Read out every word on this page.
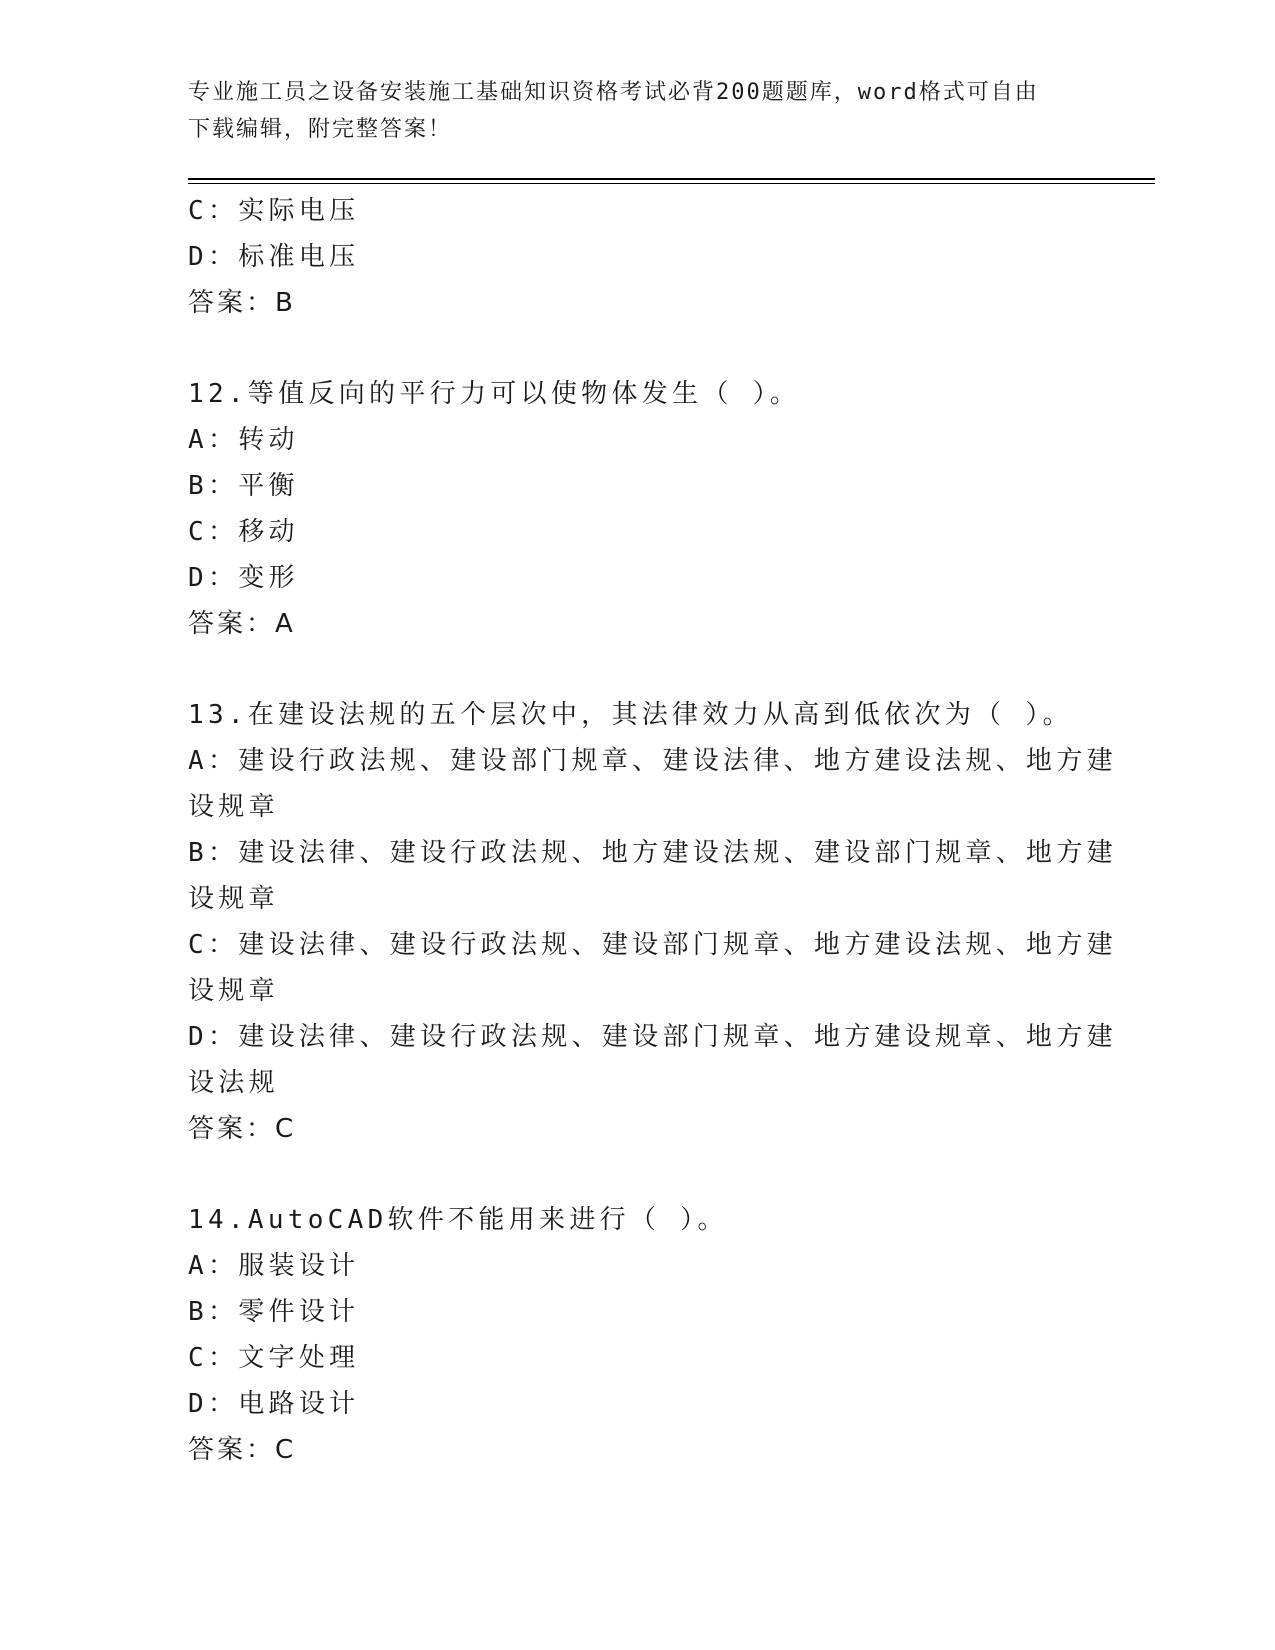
专业施工员之设备安装施工基础知识资格考试必背200题题库，word格式可自由
下载编辑，附完整答案！
C：实际电压
D：标准电压
答案：B
12.等值反向的平行力可以使物体发生（ ）。
A：转动
B：平衡
C：移动
D：变形
答案：A
13.在建设法规的五个层次中，其法律效力从高到低依次为（ ）。
A：建设行政法规、建设部门规章、建设法律、地方建设法规、地方建
设规章
B：建设法律、建设行政法规、地方建设法规、建设部门规章、地方建
设规章
C：建设法律、建设行政法规、建设部门规章、地方建设法规、地方建
设规章
D：建设法律、建设行政法规、建设部门规章、地方建设规章、地方建
设法规
答案：C
14.AutoCAD软件不能用来进行（ ）。
A：服装设计
B：零件设计
C：文字处理
D：电路设计
答案：C
